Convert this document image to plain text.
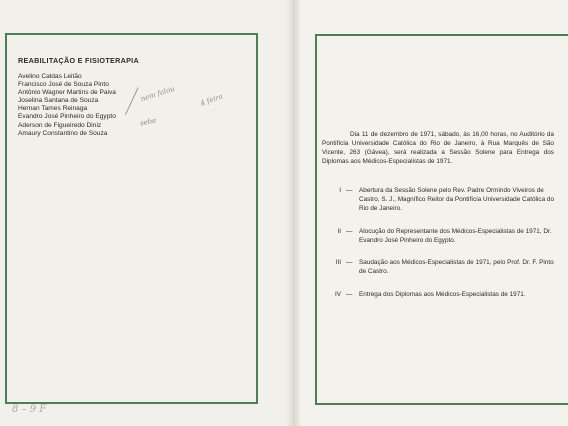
REABILITAÇÃO E FISIOTERAPIA
Avelino Caldas Leitão
Francisco José de Souza Pinto
Antônio Wagner Martins de Paiva
Joselina Santana de Souza
Hernan Tames Reinaga
Evandro José Pinheiro do Egypto
Aderson de Figueiredo Diniz
Amaury Constantino de Souza
nem falou
sebe
4 feira
8 – 9 F

Dia 11 de dezembro de 1971, sábado, às 16,00 horas, no Auditório da Pontifícia Universidade Católica do Rio de Janeiro, à Rua Marquês de São Vicente, 263 (Gávea), será realizada a Sessão Solene para Entrega dos Diplomas aos Médicos-Especialistas de 1971.

I — Abertura da Sessão Solene pelo Rev. Padre Ormindo Viveiros de Castro, S. J., Magnífico Reitor da Pontifícia Universidade Católica do Rio de Janeiro.
II — Alocução do Representante dos Médicos-Especialistas de 1971, Dr. Evandro José Pinheiro do Egypto.
III — Saudação aos Médicos-Especialistas de 1971, pelo Prof. Dr. F. Pinto de Castro.
IV — Entrega dos Diplomas aos Médicos-Especialistas de 1971.
